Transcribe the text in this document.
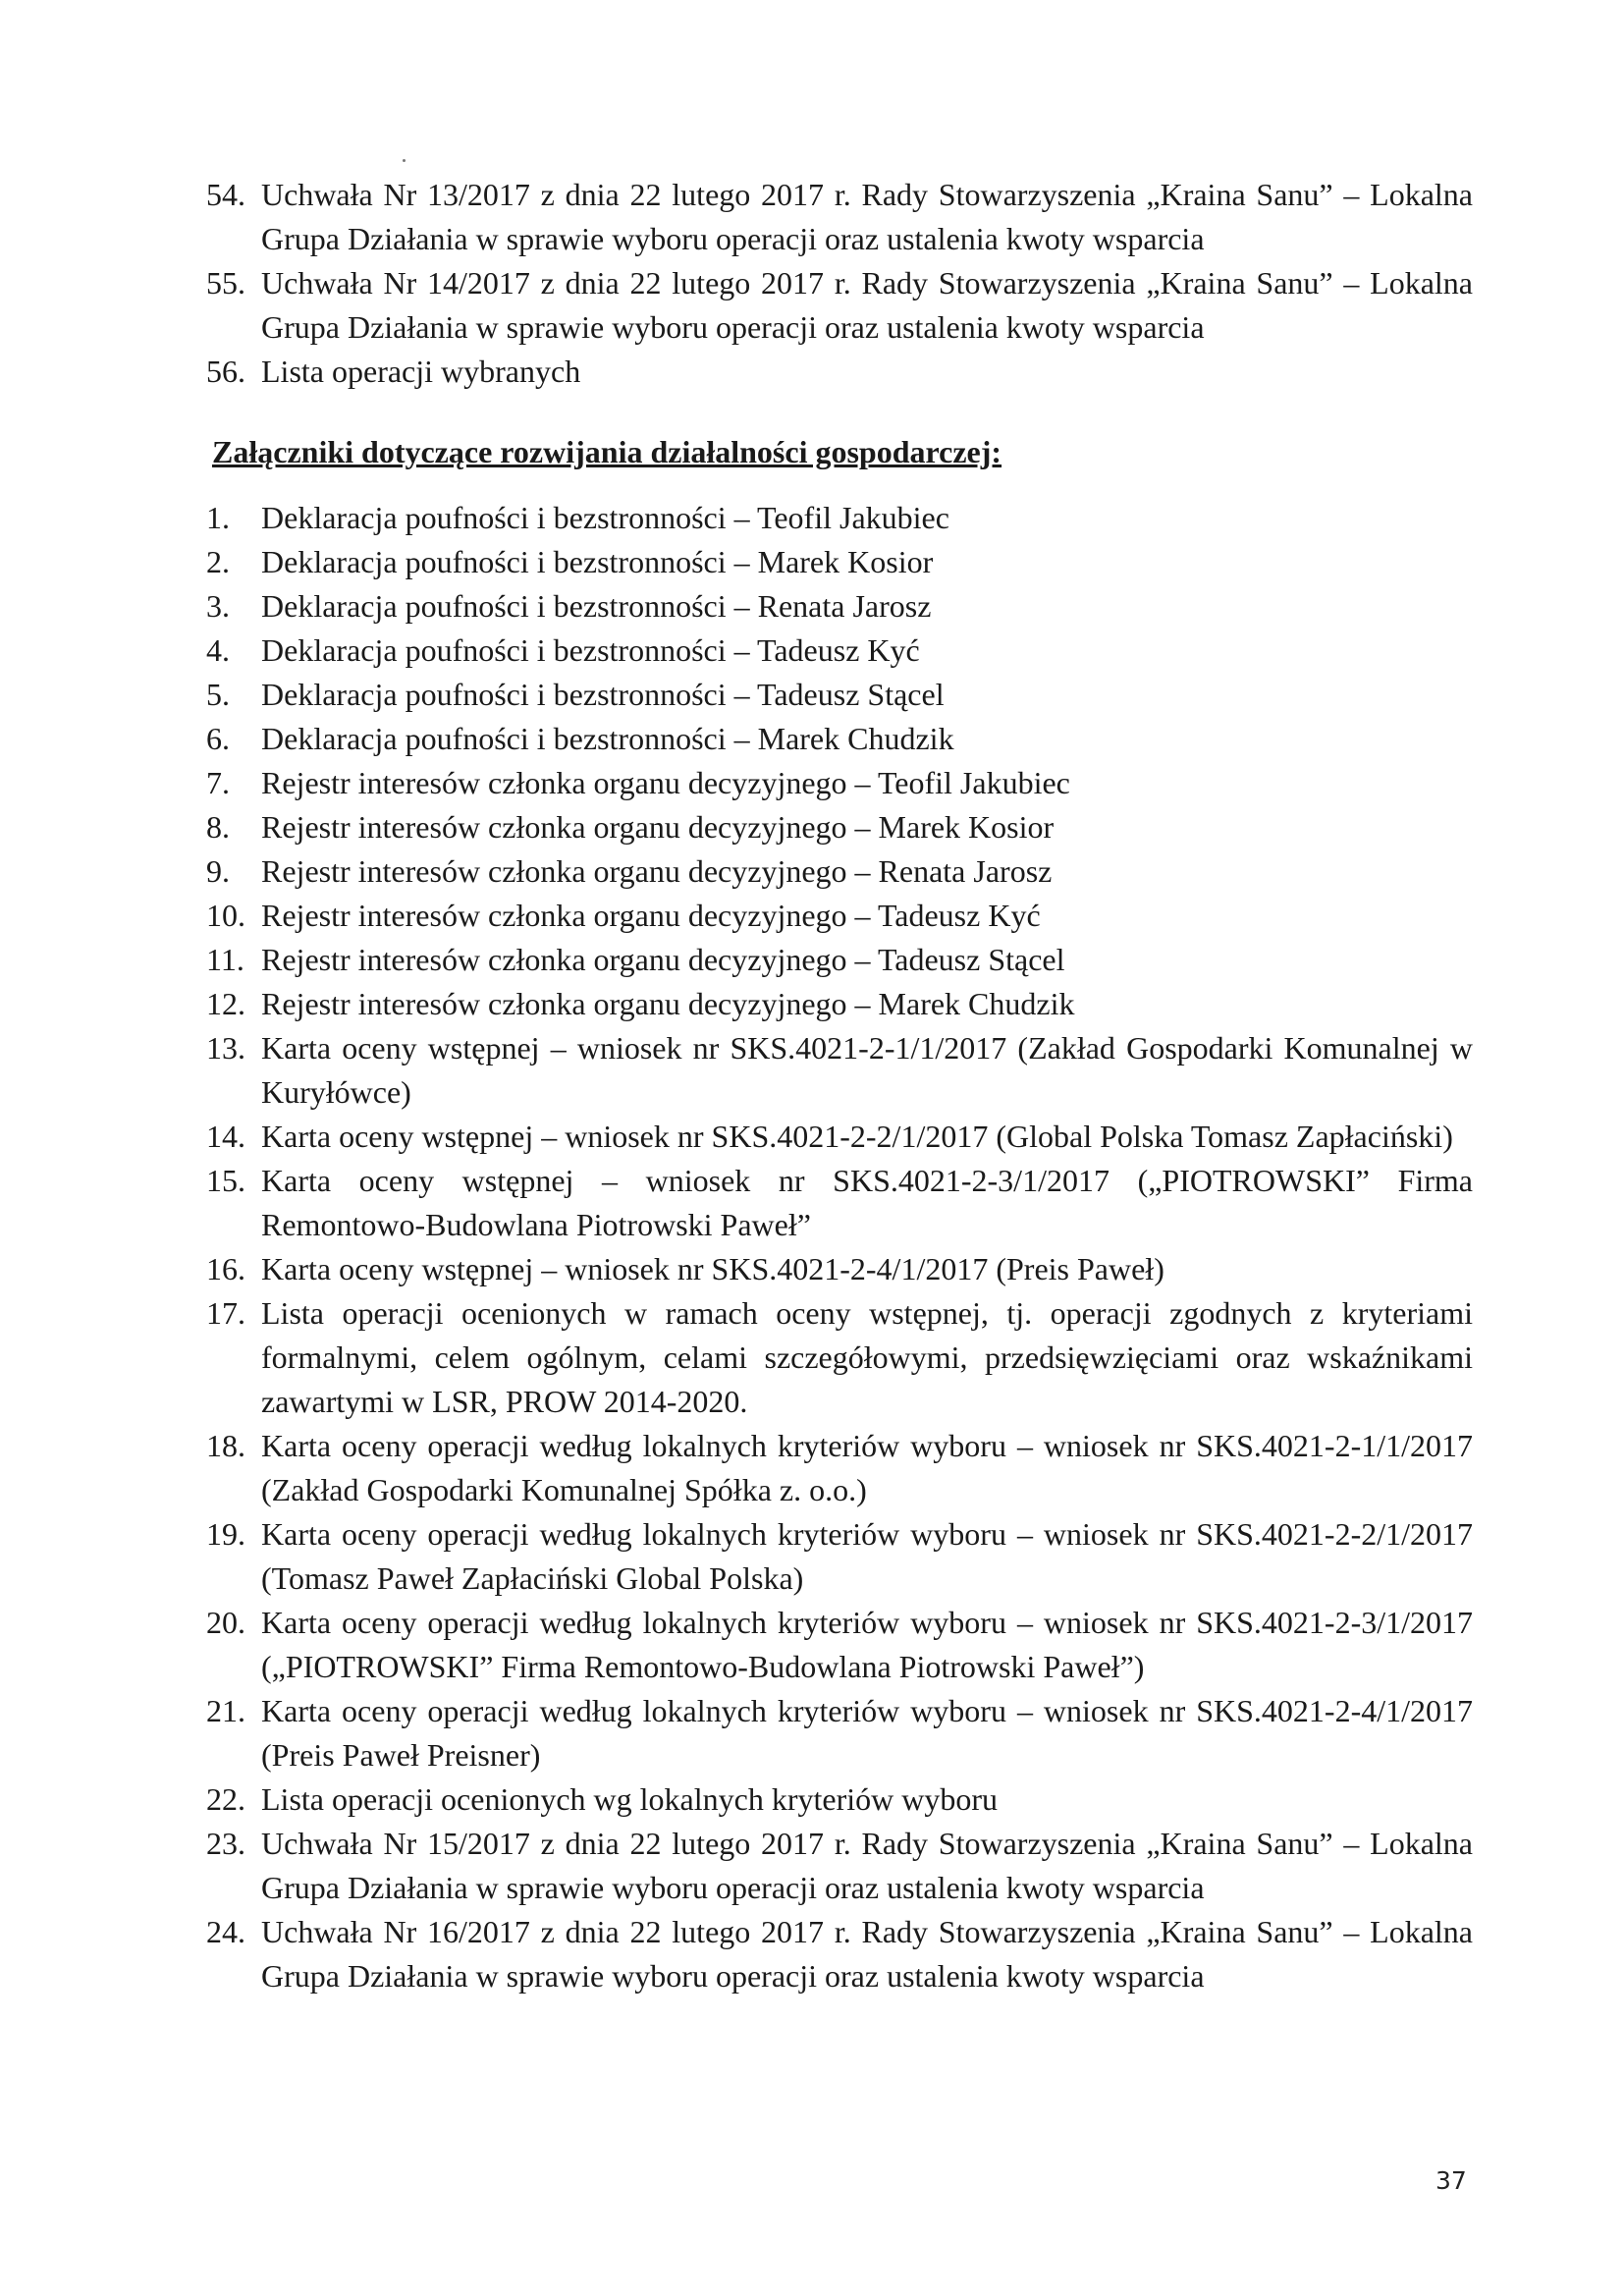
54. Uchwała Nr 13/2017 z dnia 22 lutego 2017 r. Rady Stowarzyszenia „Kraina Sanu” – Lokalna Grupa Działania w sprawie wyboru operacji oraz ustalenia kwoty wsparcia
55. Uchwała Nr 14/2017 z dnia 22 lutego 2017 r. Rady Stowarzyszenia „Kraina Sanu” – Lokalna Grupa Działania w sprawie wyboru operacji oraz ustalenia kwoty wsparcia
56. Lista operacji wybranych
Załączniki dotyczące rozwijania działalności gospodarczej:
1.	Deklaracja poufności i bezstronności – Teofil Jakubiec
2.	Deklaracja poufności i bezstronności – Marek Kosior
3.	Deklaracja poufności i bezstronności – Renata Jarosz
4.	Deklaracja poufności i bezstronności – Tadeusz Kyć
5.	Deklaracja poufności i bezstronności – Tadeusz Stącel
6.	Deklaracja poufności i bezstronności – Marek Chudzik
7.	Rejestr interesów członka organu decyzyjnego – Teofil Jakubiec
8.	Rejestr interesów członka organu decyzyjnego – Marek Kosior
9.	Rejestr interesów członka organu decyzyjnego – Renata Jarosz
10. Rejestr interesów członka organu decyzyjnego – Tadeusz Kyć
11. Rejestr interesów członka organu decyzyjnego – Tadeusz Stącel
12. Rejestr interesów członka organu decyzyjnego – Marek Chudzik
13. Karta oceny wstępnej – wniosek nr SKS.4021-2-1/1/2017 (Zakład Gospodarki Komunalnej w Kuryłówce)
14. Karta oceny wstępnej – wniosek nr SKS.4021-2-2/1/2017 (Global Polska Tomasz Zapłaciński)
15. Karta oceny wstępnej – wniosek nr SKS.4021-2-3/1/2017 („PIOTROWSKI” Firma Remontowo-Budowlana Piotrowski Paweł”
16. Karta oceny wstępnej – wniosek nr SKS.4021-2-4/1/2017 (Preis Paweł)
17. Lista operacji ocenionych w ramach oceny wstępnej, tj. operacji zgodnych z kryteriami formalnymi, celem ogólnym, celami szczegółowymi, przedsięwzięciami oraz wskaźnikami zawartymi w LSR, PROW 2014-2020.
18. Karta oceny operacji według lokalnych kryteriów wyboru – wniosek nr SKS.4021-2-1/1/2017 (Zakład Gospodarki Komunalnej Spółka z. o.o.)
19. Karta oceny operacji według lokalnych kryteriów wyboru – wniosek nr SKS.4021-2-2/1/2017 (Tomasz Paweł Zapłaciński Global Polska)
20. Karta oceny operacji według lokalnych kryteriów wyboru – wniosek nr SKS.4021-2-3/1/2017 („PIOTROWSKI” Firma Remontowo-Budowlana Piotrowski Paweł”)
21. Karta oceny operacji według lokalnych kryteriów wyboru – wniosek nr SKS.4021-2-4/1/2017 (Preis Paweł Preisner)
22. Lista operacji ocenionych wg lokalnych kryteriów wyboru
23. Uchwała Nr 15/2017 z dnia 22 lutego 2017 r. Rady Stowarzyszenia „Kraina Sanu” – Lokalna Grupa Działania w sprawie wyboru operacji oraz ustalenia kwoty wsparcia
24. Uchwała Nr 16/2017 z dnia 22 lutego 2017 r. Rady Stowarzyszenia „Kraina Sanu” – Lokalna Grupa Działania w sprawie wyboru operacji oraz ustalenia kwoty wsparcia
37
